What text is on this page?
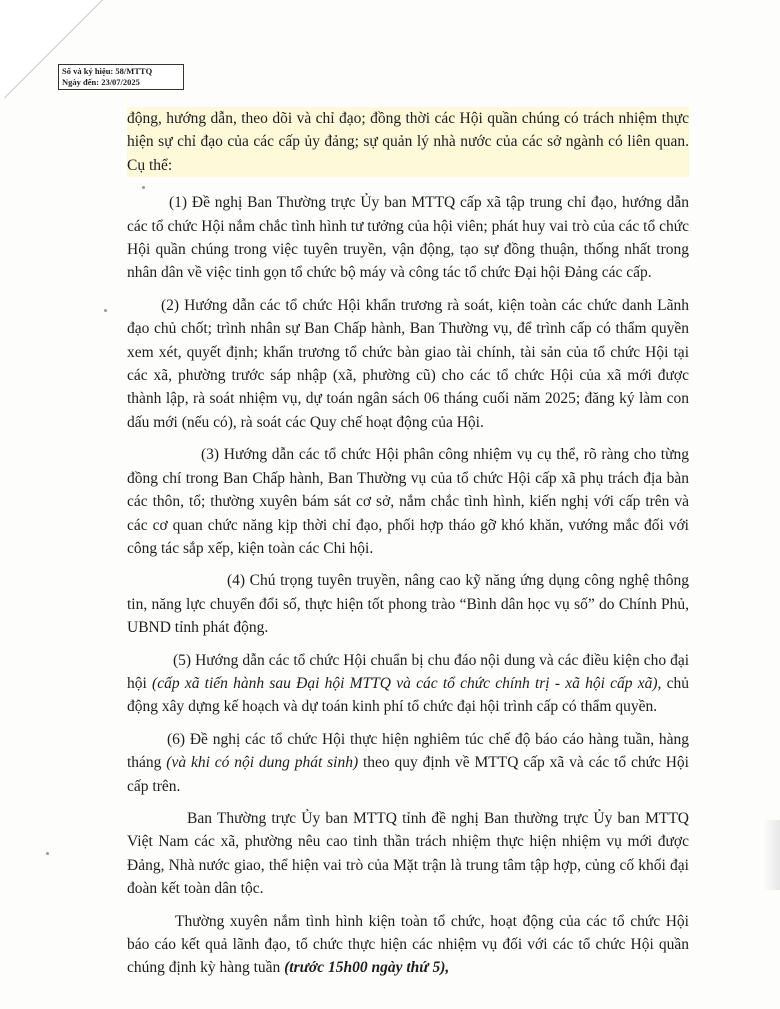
Số và ký hiệu: 58/MTTQ
Ngày đến: 23/07/2025

động, hướng dẫn, theo dõi và chỉ đạo; đồng thời các Hội quần chúng có trách nhiệm thực hiện sự chỉ đạo của các cấp ủy đảng; sự quản lý nhà nước của các sở ngành có liên quan. Cụ thể:

(1) Đề nghị Ban Thường trực Ủy ban MTTQ cấp xã tập trung chỉ đạo, hướng dẫn các tổ chức Hội nắm chắc tình hình tư tưởng của hội viên; phát huy vai trò của các tổ chức Hội quần chúng trong việc tuyên truyền, vận động, tạo sự đồng thuận, thống nhất trong nhân dân về việc tinh gọn tổ chức bộ máy và công tác tổ chức Đại hội Đảng các cấp.

(2) Hướng dẫn các tổ chức Hội khẩn trương rà soát, kiện toàn các chức danh Lãnh đạo chủ chốt; trình nhân sự Ban Chấp hành, Ban Thường vụ, để trình cấp có thẩm quyền xem xét, quyết định; khẩn trương tổ chức bàn giao tài chính, tài sản của tổ chức Hội tại các xã, phường trước sáp nhập (xã, phường cũ) cho các tổ chức Hội của xã mới được thành lập, rà soát nhiệm vụ, dự toán ngân sách 06 tháng cuối năm 2025; đăng ký làm con dấu mới (nếu có), rà soát các Quy chế hoạt động của Hội.

(3) Hướng dẫn các tổ chức Hội phân công nhiệm vụ cụ thể, rõ ràng cho từng đồng chí trong Ban Chấp hành, Ban Thường vụ của tổ chức Hội cấp xã phụ trách địa bàn các thôn, tổ; thường xuyên bám sát cơ sở, nắm chắc tình hình, kiến nghị với cấp trên và các cơ quan chức năng kịp thời chỉ đạo, phối hợp tháo gỡ khó khăn, vướng mắc đối với công tác sắp xếp, kiện toàn các Chi hội.

(4) Chú trọng tuyên truyền, nâng cao kỹ năng ứng dụng công nghệ thông tin, năng lực chuyển đổi số, thực hiện tốt phong trào “Bình dân học vụ số” do Chính Phủ, UBND tỉnh phát động.

(5) Hướng dẫn các tổ chức Hội chuẩn bị chu đáo nội dung và các điều kiện cho đại hội (cấp xã tiến hành sau Đại hội MTTQ và các tổ chức chính trị - xã hội cấp xã), chủ động xây dựng kế hoạch và dự toán kinh phí tổ chức đại hội trình cấp có thẩm quyền.

(6) Đề nghị các tổ chức Hội thực hiện nghiêm túc chế độ báo cáo hàng tuần, hàng tháng (và khi có nội dung phát sinh) theo quy định về MTTQ cấp xã và các tổ chức Hội cấp trên.

Ban Thường trực Ủy ban MTTQ tỉnh đề nghị Ban thường trực Ủy ban MTTQ Việt Nam các xã, phường nêu cao tinh thần trách nhiệm thực hiện nhiệm vụ mới được Đảng, Nhà nước giao, thể hiện vai trò của Mặt trận là trung tâm tập hợp, củng cố khối đại đoàn kết toàn dân tộc.

Thường xuyên nắm tình hình kiện toàn tổ chức, hoạt động của các tổ chức Hội báo cáo kết quả lãnh đạo, tổ chức thực hiện các nhiệm vụ đối với các tổ chức Hội quần chúng định kỳ hàng tuần (trước 15h00 ngày thứ 5),
